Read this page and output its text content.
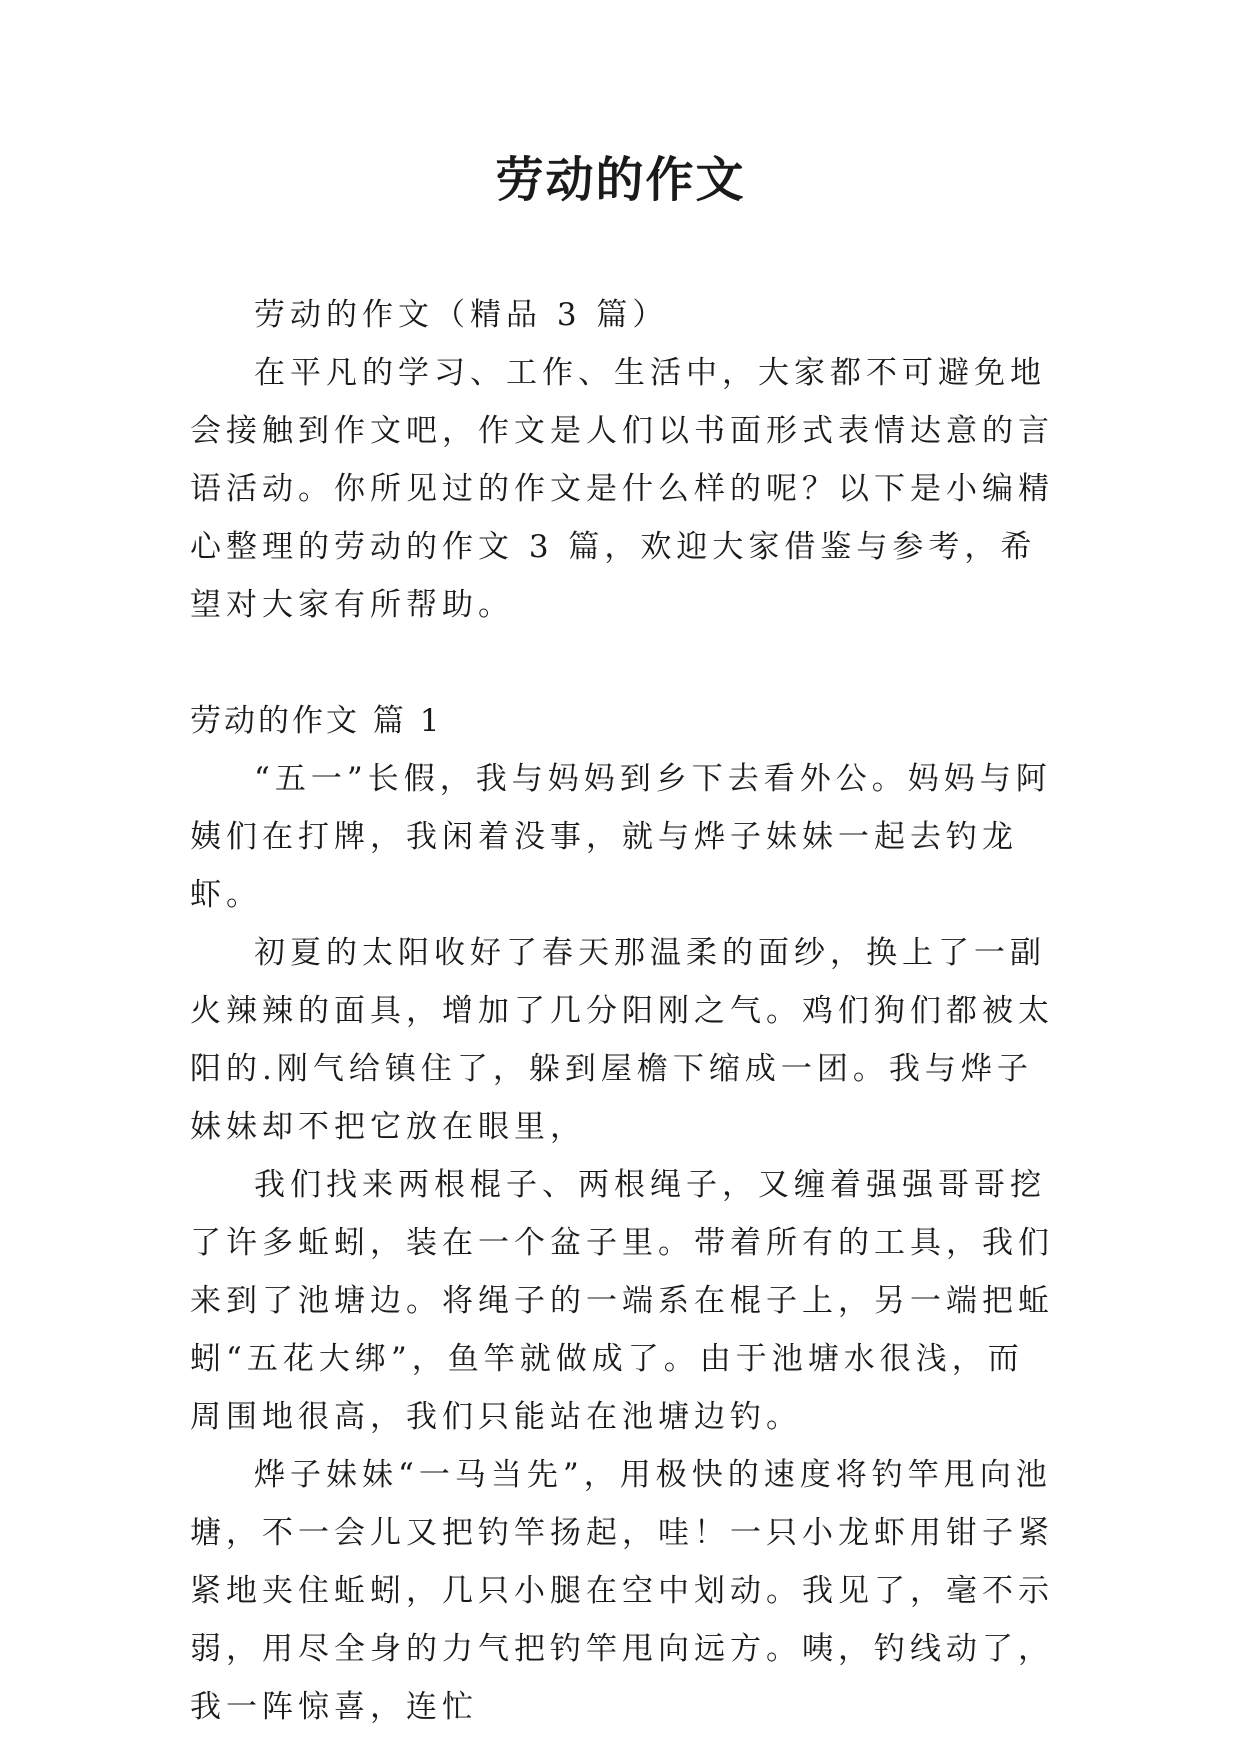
劳动的作文

劳动的作文（精品 3 篇）

在平凡的学习、工作、生活中，大家都不可避免地会接触到作文吧，作文是人们以书面形式表情达意的言语活动。你所见过的作文是什么样的呢？以下是小编精心整理的劳动的作文 3 篇，欢迎大家借鉴与参考，希望对大家有所帮助。

劳动的作文 篇 1

“五一”长假，我与妈妈到乡下去看外公。妈妈与阿姨们在打牌，我闲着没事，就与烨子妹妹一起去钓龙虾。

初夏的太阳收好了春天那温柔的面纱，换上了一副火辣辣的面具，增加了几分阳刚之气。鸡们狗们都被太阳的.刚气给镇住了，躲到屋檐下缩成一团。我与烨子妹妹却不把它放在眼里，

我们找来两根棍子、两根绳子，又缠着强强哥哥挖了许多蚯蚓，装在一个盆子里。带着所有的工具，我们来到了池塘边。将绳子的一端系在棍子上，另一端把蚯蚓“五花大绑”，鱼竿就做成了。由于池塘水很浅，而周围地很高，我们只能站在池塘边钓。

烨子妹妹“一马当先”，用极快的速度将钓竿甩向池塘，不一会儿又把钓竿扬起，哇！一只小龙虾用钳子紧紧地夹住蚯蚓，几只小腿在空中划动。我见了，毫不示弱，用尽全身的力气把钓竿甩向远方。咦，钓线动了，我一阵惊喜，连忙
